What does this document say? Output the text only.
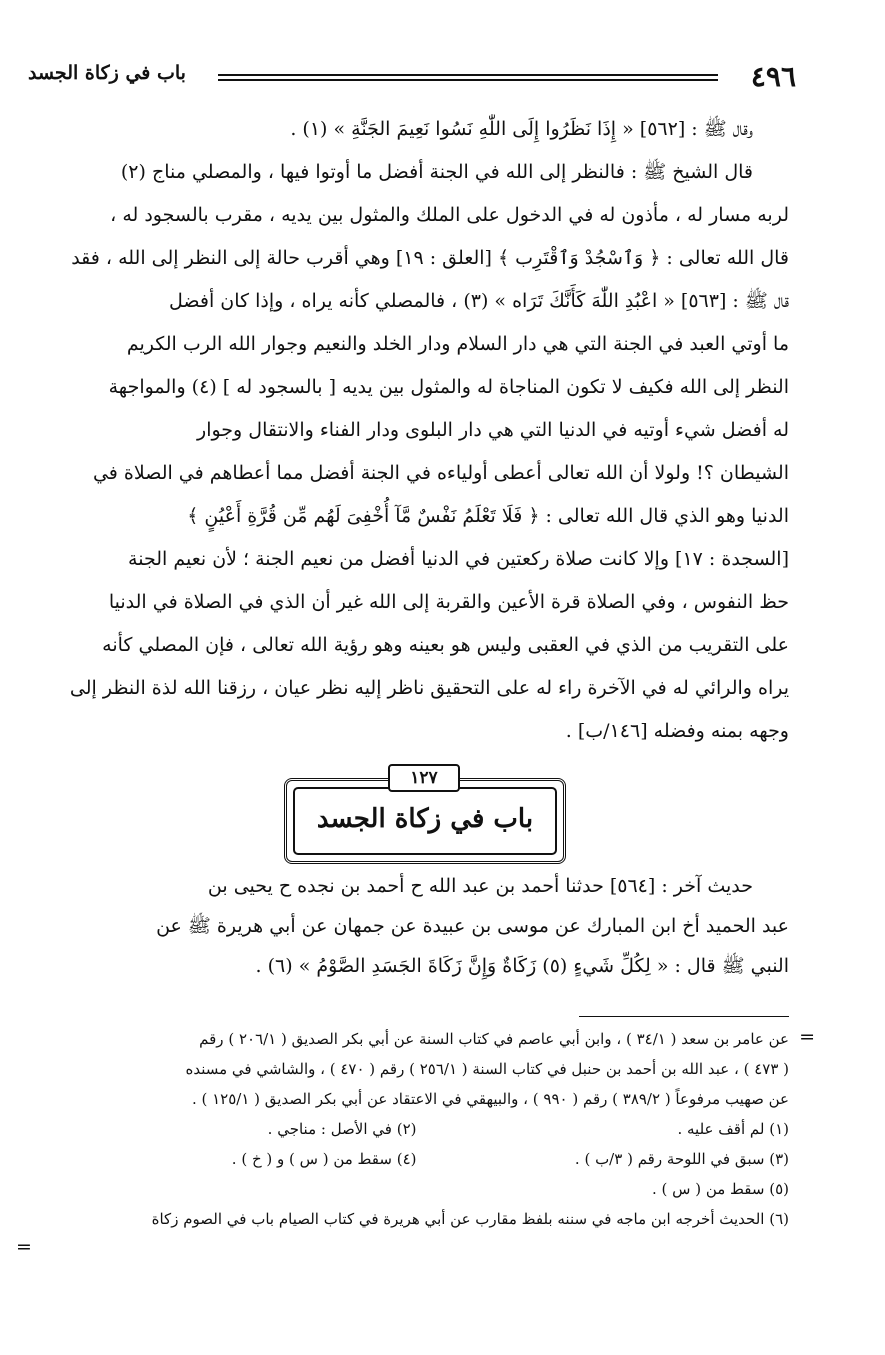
٤٩٦
باب في زكاة الجسد

وقال ﷺ : [٥٦٢] « إِذَا نَظَرُوا إِلَى اللّٰهِ نَسُوا نَعِيمَ الجَنَّةِ » (١) .

قال الشيخ ﷺ : فالنظر إلى الله في الجنة أفضل ما أوتوا فيها ، والمصلي مناج (٢)

لربه مسار له ، مأذون له في الدخول على الملك والمثول بين يديه ، مقرب بالسجود له ،

قال الله تعالى : ﴿ وَٱسْجُدْ وَٱقْتَرِب ﴾ [العلق : ١٩] وهي أقرب حالة إلى النظر إلى الله ، فقد

قال ﷺ : [٥٦٣] « اعْبُدِ اللّٰهَ كَأَنَّكَ تَرَاه » (٣) ، فالمصلي كأنه يراه ، وإذا كان أفضل

ما أوتي العبد في الجنة التي هي دار السلام ودار الخلد والنعيم وجوار الله الرب الكريم

النظر إلى الله فكيف لا تكون المناجاة له والمثول بين يديه [ بالسجود له ] (٤) والمواجهة

له أفضل شيء أوتيه في الدنيا التي هي دار البلوى ودار الفناء والانتقال وجوار

الشيطان ؟! ولولا أن الله تعالى أعطى أولياءه في الجنة أفضل مما أعطاهم في الصلاة في

الدنيا وهو الذي قال الله تعالى : ﴿ فَلَا تَعْلَمُ نَفْسٌ مَّآ أُخْفِىَ لَهُم مِّن قُرَّةِ أَعْيُنٍ ﴾

[السجدة : ١٧] وإلا كانت صلاة ركعتين في الدنيا أفضل من نعيم الجنة ؛ لأن نعيم الجنة

حظ النفوس ، وفي الصلاة قرة الأعين والقربة إلى الله غير أن الذي في الصلاة في الدنيا

على التقريب من الذي في العقبى وليس هو بعينه وهو رؤية الله تعالى ، فإن المصلي كأنه

يراه والرائي له في الآخرة راء له على التحقيق ناظر إليه نظر عيان ، رزقنا الله لذة النظر إلى

وجهه بمنه وفضله [١٤٦/ب] .

١٢٧
باب في زكاة الجسد

حديث آخر : [٥٦٤] حدثنا أحمد بن عبد الله ح أحمد بن نجده ح يحيى بن

عبد الحميد أخ ابن المبارك عن موسى بن عبيدة عن جمهان عن أبي هريرة ﷺ عن

النبي ﷺ قال : « لِكُلِّ شَيءٍ (٥) زَكَاةٌ وَإِنَّ زَكَاةَ الجَسَدِ الصَّوْمُ » (٦) .

=

عن عامر بن سعد ( ٣٤/١ ) ، وابن أبي عاصم في كتاب السنة عن أبي بكر الصديق ( ٢٠٦/١ ) رقم

( ٤٧٣ ) ، عبد الله بن أحمد بن حنبل في كتاب السنة ( ٢٥٦/١ ) رقم ( ٤٧٠ ) ، والشاشي في مسنده

عن صهيب مرفوعاً ( ٣٨٩/٢ ) رقم ( ٩٩٠ ) ، والبيهقي في الاعتقاد عن أبي بكر الصديق ( ١٢٥/١ ) .

(١) لم أقف عليه .
(٢) في الأصل : مناجي .
(٣) سبق في اللوحة رقم ( ٣/ب ) .
(٤) سقط من ( س ) و ( خ ) .

(٥) سقط من ( س ) .

(٦) الحديث أخرجه ابن ماجه في سننه بلفظ مقارب عن أبي هريرة في كتاب الصيام باب في الصوم زكاة

=
